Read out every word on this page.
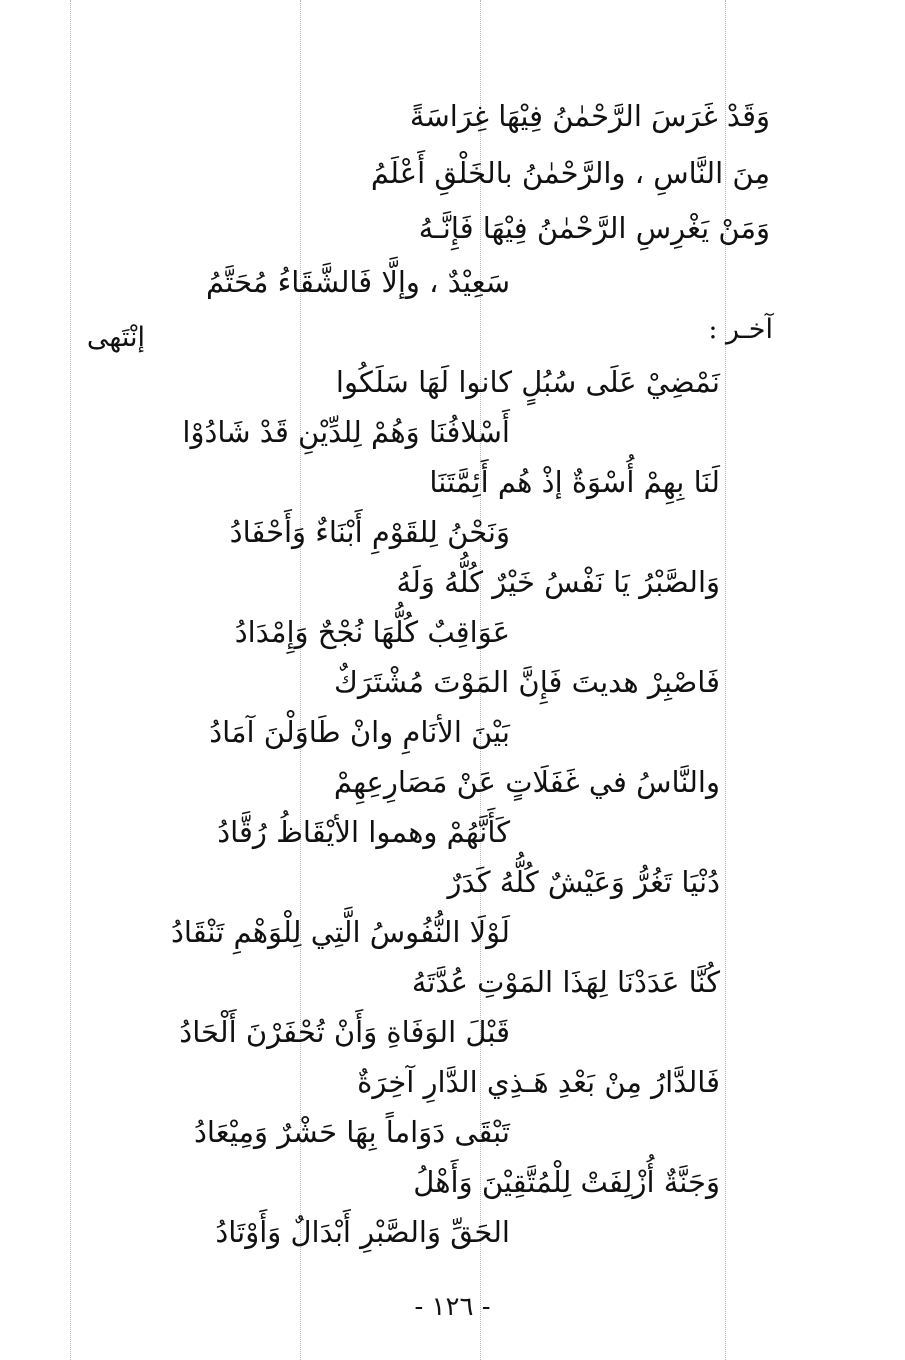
وَقَدْ غَرَسَ الرَّحْمٰنُ فِيْهَا غِرَاسَةً
مِنَ النَّاسِ ، والرَّحْمٰنُ بالخَلْقِ أَعْلَمُ
وَمَنْ يَغْرِسِ الرَّحْمٰنُ فِيْهَا فَإِنَّـهُ
سَعِيْدٌ ، وإلَّا فَالشَّقَاءُ مُحَتَّمُ
إنْتَهى	آخـر :
نَمْضِيْ عَلَى سُبُلٍ كانوا لَهَا سَلَكُوا
أَسْلافُنَا وَهُمْ لِلدِّيْنِ قَدْ شَادُوْا
لَنَا بِهِمْ أُسْوَةٌ إذْ هُم أَئِمَّتَنَا
وَنَحْنُ لِلقَوْمِ أَبْنَاءٌ وَأَحْفَادُ
وَالصَّبْرُ يَا نَفْسُ خَيْرٌ كُلُّهُ وَلَهُ
عَوَاقِبٌ كُلُّهَا نُجْحٌ وَإِمْدَادُ
فَاصْبِرْ هديتَ فَإِنَّ المَوْتَ مُشْتَرَكٌ
بَيْنَ الأنَامِ وانْ طَاوَلْنَ آمَادُ
والنَّاسُ في غَفَلَاتٍ عَنْ مَصَارِعِهِمْ
كَأَنَّهُمْ وهموا الأيْقَاظُ رُقَّادُ
دُنْيَا تَغُرُّ وَعَيْشٌ كُلُّهُ كَدَرٌ
لَوْلَا النُّفُوسُ الَّتِي لِلْوَهْمِ تَنْقَادُ
كُنَّا عَدَدْنَا لِهَذَا المَوْتِ عُدَّتَهُ
قَبْلَ الوَفَاةِ وَأَنْ تُحْفَرْنَ أَلْحَادُ
فَالدَّارُ مِنْ بَعْدِ هَـذِي الدَّارِ آخِرَةٌ
تَبْقَى دَوَاماً بِهَا حَشْرٌ وَمِيْعَادُ
وَجَنَّةٌ أُزْلِفَتْ لِلْمُتَّقِيْنَ وَأَهْلُ
الحَقِّ وَالصَّبْرِ أَبْدَالٌ وَأَوْتَادُ
- ١٢٦ -
